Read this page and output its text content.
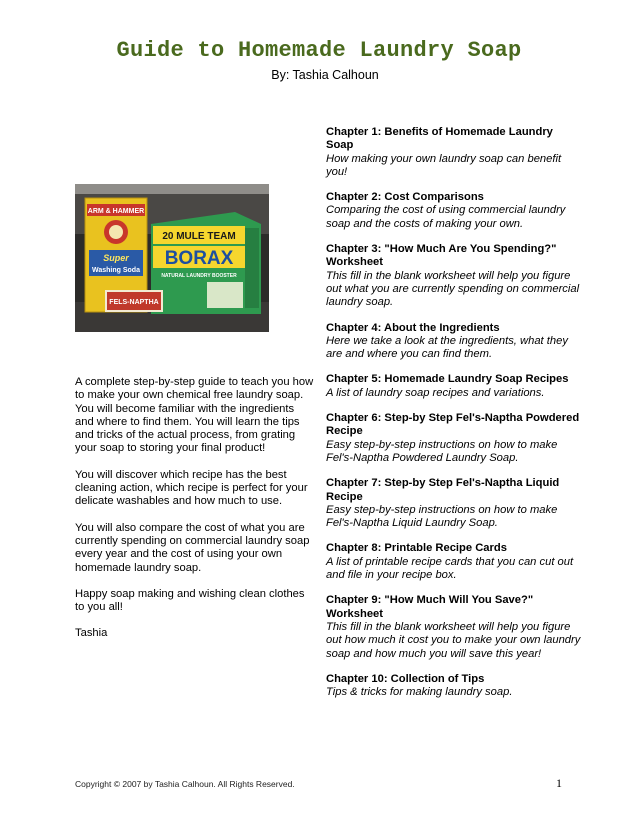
Guide to Homemade Laundry Soap
By: Tashia Calhoun
ARM & HAMMER
Super
Washing Soda
20 MULE TEAM
BORAX
NATURAL LAUNDRY BOOSTER
FELS-NAPTHA

A complete step-by-step guide to teach you how to make your own chemical free laundry soap. You will become familiar with the ingredients and where to find them. You will learn the tips and tricks of the actual process, from grating your soap to storing your final product!

You will discover which recipe has the best cleaning action, which recipe is perfect for your delicate washables and how much to use.

You will also compare the cost of what you are currently spending on commercial laundry soap every year and the cost of using your own homemade laundry soap.

Happy soap making and wishing clean clothes to you all!

Tashia

Chapter 1: Benefits of Homemade Laundry Soap
How making your own laundry soap can benefit you!
Chapter 2: Cost Comparisons
Comparing the cost of using commercial laundry soap and the costs of making your own.
Chapter 3: "How Much Are You Spending?" Worksheet
This fill in the blank worksheet will help you figure out what you are currently spending on commercial laundry soap.
Chapter 4: About the Ingredients
Here we take a look at the ingredients, what they are and where you can find them.
Chapter 5: Homemade Laundry Soap Recipes
A list of laundry soap recipes and variations.
Chapter 6: Step-by Step Fel's-Naptha Powdered Recipe
Easy step-by-step instructions on how to make Fel's-Naptha Powdered Laundry Soap.
Chapter 7: Step-by Step Fel's-Naptha Liquid Recipe
Easy step-by-step instructions on how to make Fel's-Naptha Liquid Laundry Soap.
Chapter 8: Printable Recipe Cards
A list of printable recipe cards that you can cut out and file in your recipe box.
Chapter 9: "How Much Will You Save?" Worksheet
This fill in the blank worksheet will help you figure out how much it cost you to make your own laundry soap and how much you will save this year!
Chapter 10: Collection of Tips
Tips & tricks for making laundry soap.
Copyright © 2007 by Tashia Calhoun. All Rights Reserved.	1
